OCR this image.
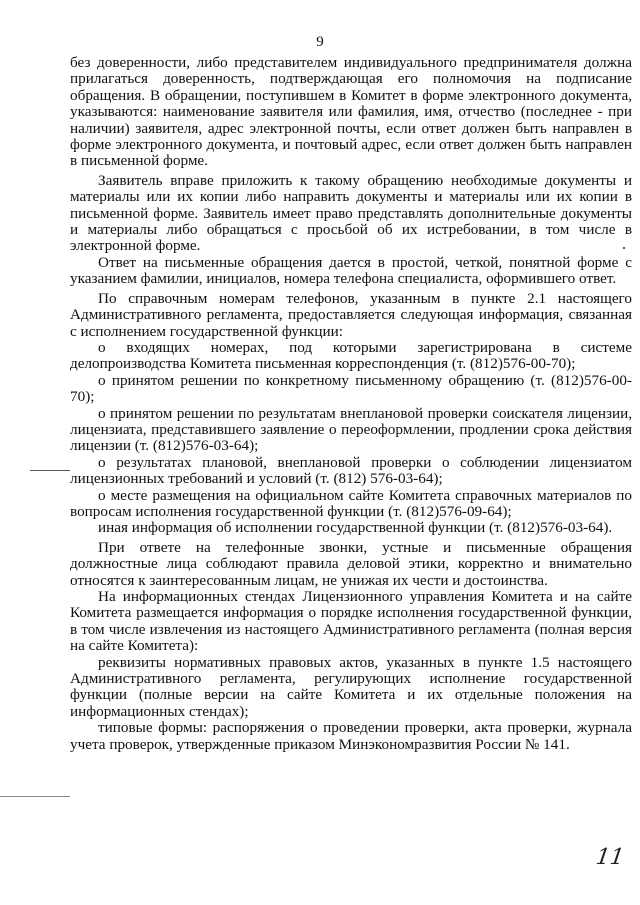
9

без доверенности, либо представителем индивидуального предпринимателя должна прилагаться доверенность, подтверждающая его полномочия на подписание обращения. В обращении, поступившем в Комитет в форме электронного документа, указываются: наименование заявителя или фамилия, имя, отчество (последнее - при наличии) заявителя, адрес электронной почты, если ответ должен быть направлен в форме электронного документа, и почтовый адрес, если ответ должен быть направлен в письменной форме.

Заявитель вправе приложить к такому обращению необходимые документы и материалы или их копии либо направить документы и материалы или их копии в письменной форме. Заявитель имеет право представлять дополнительные документы и материалы либо обращаться с просьбой об их истребовании, в том числе в электронной форме.

Ответ на письменные обращения дается в простой, четкой, понятной форме с указанием фамилии, инициалов, номера телефона специалиста, оформившего ответ.

По справочным номерам телефонов, указанным в пункте 2.1 настоящего Административного регламента, предоставляется следующая информация, связанная с исполнением государственной функции:

о входящих номерах, под которыми зарегистрирована в системе делопроизводства Комитета письменная корреспонденция (т. (812)576-00-70);

о принятом решении по конкретному письменному обращению (т. (812)576-00-70);

о принятом решении по результатам внеплановой проверки соискателя лицензии, лицензиата, представившего заявление о переоформлении, продлении срока действия лицензии (т. (812)576-03-64);

о результатах плановой, внеплановой проверки о соблюдении лицензиатом лицензионных требований и условий (т. (812) 576-03-64);

о месте размещения на официальном сайте Комитета справочных материалов по вопросам исполнения государственной функции (т. (812)576-09-64);

иная информация об исполнении государственной функции (т. (812)576-03-64).

При ответе на телефонные звонки, устные и письменные обращения должностные лица соблюдают правила деловой этики, корректно и внимательно относятся к заинтересованным лицам, не унижая их чести и достоинства.

На информационных стендах Лицензионного управления Комитета и на сайте Комитета размещается информация о порядке исполнения государственной функции, в том числе извлечения из настоящего Административного регламента (полная версия на сайте Комитета):

реквизиты нормативных правовых актов, указанных в пункте 1.5 настоящего Административного регламента, регулирующих исполнение государственной функции (полные версии на сайте Комитета и их отдельные положения на информационных стендах);

типовые формы: распоряжения о проведении проверки, акта проверки, журнала учета проверок, утвержденные приказом Минэкономразвития России № 141.

11
